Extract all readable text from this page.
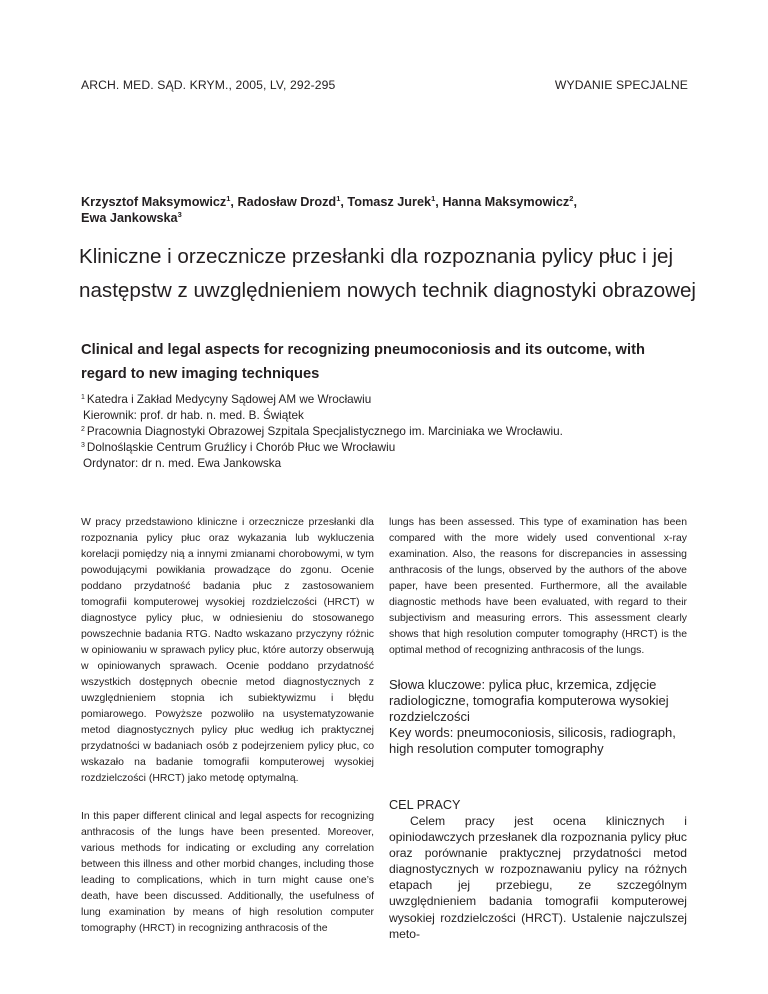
ARCH. MED. SĄD. KRYM., 2005, LV, 292-295	WYDANIE SPECJALNE
Krzysztof Maksymowicz$^1$, Radosław Drozd$^1$, Tomasz Jurek$^1$, Hanna Maksymowicz$^2$,
Ewa Jankowska$^3$
Kliniczne i orzecznicze przesłanki dla rozpoznania pylicy płuc i jej następstw z uwzględnieniem nowych technik diagnostyki obrazowej
Clinical and legal aspects for recognizing pneumoconiosis and its outcome, with regard to new imaging techniques
$^1$ Katedra i Zakład Medycyny Sądowej AM we Wrocławiu
Kierownik: prof. dr hab. n. med. B. Świątek
$^2$ Pracownia Diagnostyki Obrazowej Szpitala Specjalistycznego im. Marciniaka we Wrocławiu.
$^3$ Dolnośląskie Centrum Gruźlicy i Chorób Płuc we Wrocławiu
Ordynator: dr n. med. Ewa Jankowska

W pracy przedstawiono kliniczne i orzecznicze przesłanki dla rozpoznania pylicy płuc oraz wykazania lub wykluczenia korelacji pomiędzy nią a innymi zmianami chorobowymi, w tym powodującymi powikłania prowadzące do zgonu. Ocenie poddano przydatność badania płuc z zastosowaniem tomografii komputerowej wysokiej rozdzielczości (HRCT) w diagnostyce pylicy płuc, w odniesieniu do stosowanego powszechnie badania RTG. Nadto wskazano przyczyny różnic w opiniowaniu w sprawach pylicy płuc, które autorzy obserwują w opiniowanych sprawach. Ocenie poddano przydatność wszystkich dostępnych obecnie metod diagnostycznych z uwzględnieniem stopnia ich subiektywizmu i błędu pomiarowego. Powyższe pozwoliło na usystematyzowanie metod diagnostycznych pylicy płuc według ich praktycznej przydatności w badaniach osób z podejrzeniem pylicy płuc, co wskazało na badanie tomografii komputerowej wysokiej rozdzielczości (HRCT) jako metodę optymalną.

In this paper different clinical and legal aspects for recognizing anthracosis of the lungs have been presented. Moreover, various methods for indicating or excluding any correlation between this illness and other morbid changes, including those leading to complications, which in turn might cause one’s death, have been discussed. Additionally, the usefulness of lung examination by means of high resolution computer tomography (HRCT) in recognizing anthracosis of the

lungs has been assessed. This type of examination has been compared with the more widely used conventional x-ray examination. Also, the reasons for discrepancies in assessing anthracosis of the lungs, observed by the authors of the above paper, have been presented. Furthermore, all the available diagnostic methods have been evaluated, with regard to their subjectivism and measuring errors. This assessment clearly shows that high resolution computer tomography (HRCT) is the optimal method of recognizing anthracosis of the lungs.

Słowa kluczowe: pylica płuc, krzemica, zdjęcie radiologiczne, tomografia komputerowa wysokiej rozdzielczości
Key words: pneumoconiosis, silicosis, radiograph, high resolution computer tomography
CEL PRACY

Celem pracy jest ocena klinicznych i opiniodawczych przesłanek dla rozpoznania pylicy płuc oraz porównanie praktycznej przydatności metod diagnostycznych w rozpoznawaniu pylicy na różnych etapach jej przebiegu, ze szczególnym uwzględnieniem badania tomografii komputerowej wysokiej rozdzielczości (HRCT). Ustalenie najczulszej meto-
